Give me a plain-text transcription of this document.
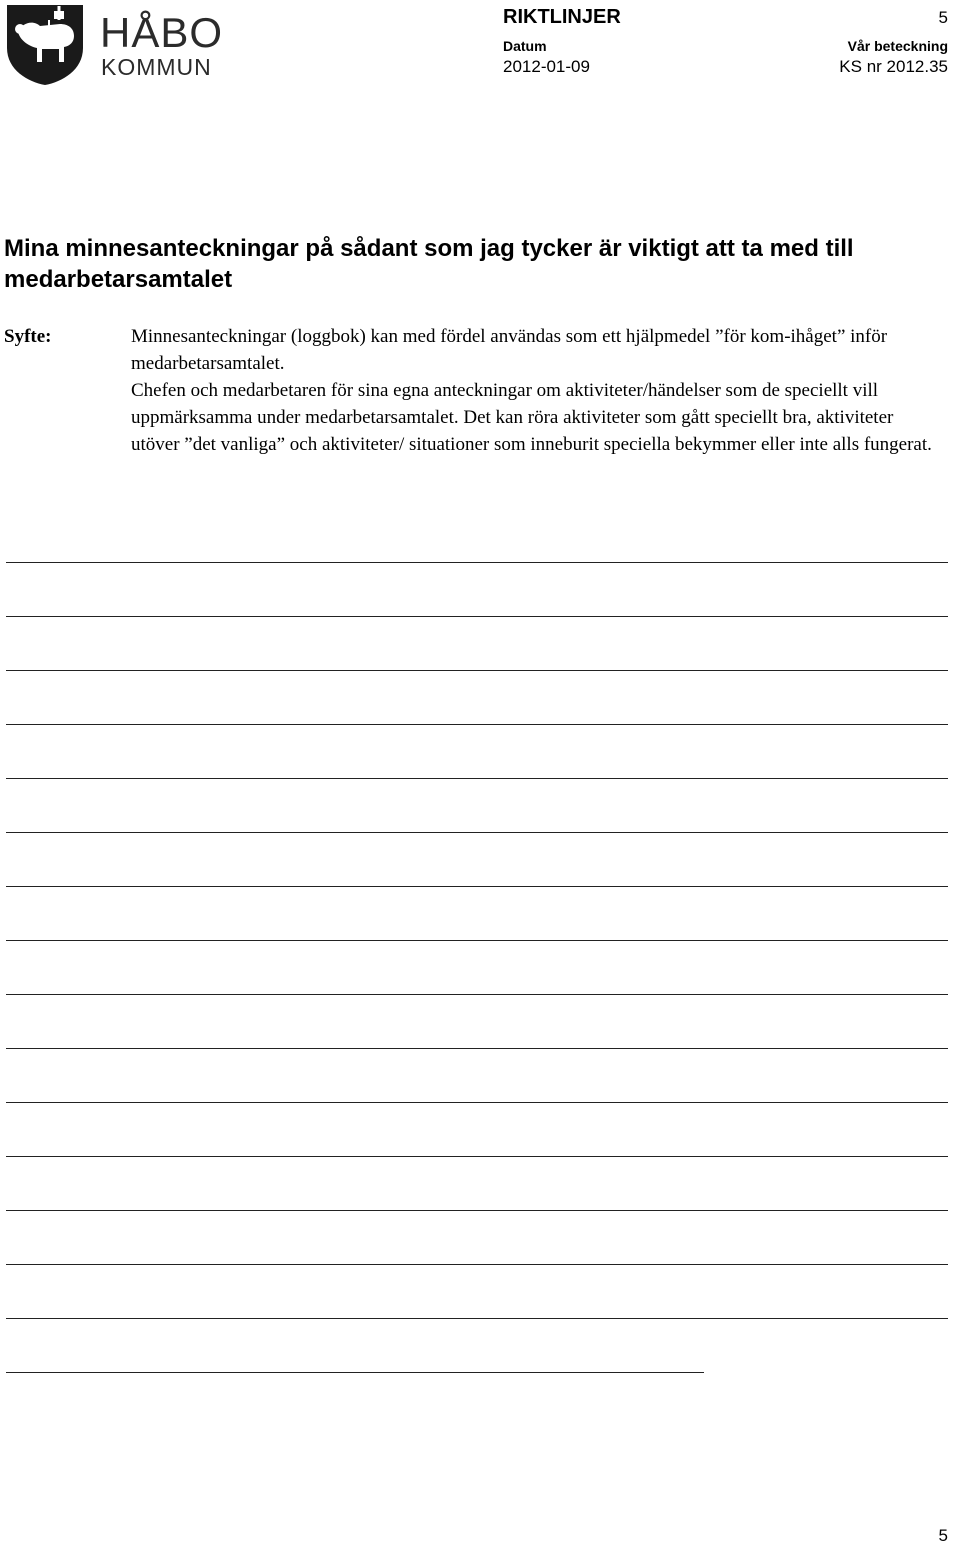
HÅBO
KOMMUN
RIKTLINJER	5
Datum
2012-01-09
Vår beteckning
KS nr 2012.35
Mina minnesanteckningar på sådant som jag tycker är viktigt att ta med till medarbetarsamtalet
Syfte:	Minnesanteckningar (loggbok) kan med fördel användas som ett hjälpmedel ”för kom-ihåget” inför medarbetarsamtalet.

Chefen och medarbetaren för sina egna anteckningar om aktiviteter/händelser som de speciellt vill uppmärksamma under medarbetarsamtalet. Det kan röra aktiviteter som gått speciellt bra, aktiviteter utöver ”det vanliga” och aktiviteter/ situationer som inneburit speciella bekymmer eller inte alls fungerat.

5
